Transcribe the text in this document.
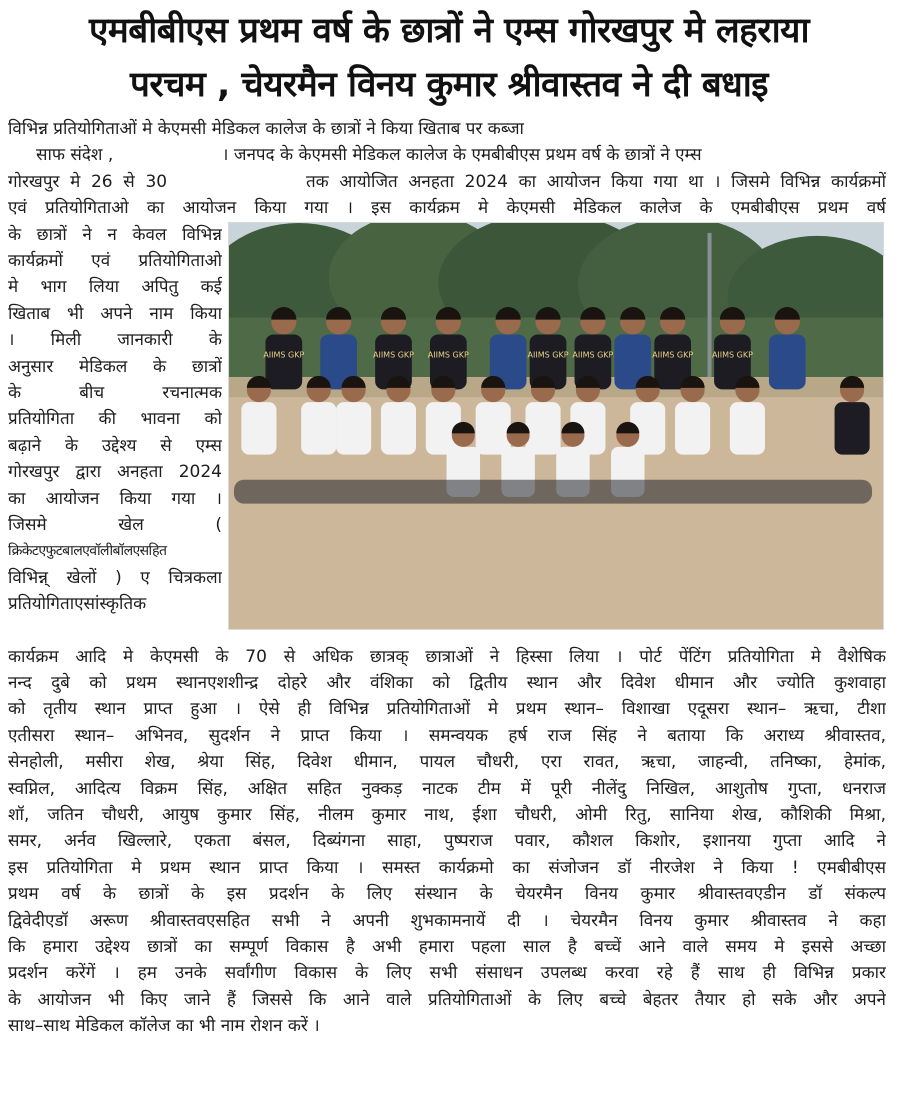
एमबीबीएस प्रथम वर्ष के छात्रों ने एम्स गोरखपुर मे लहराया
परचम , चेयरमैन विनय कुमार श्रीवास्तव ने दी बधाइ
विभिन्न प्रतियोगिताओं मे केएमसी मेडिकल कालेज के छात्रों ने किया खिताब पर कब्जा
साफ संदेश ,	। जनपद के केएमसी मेडिकल कालेज के एमबीबीएस प्रथम वर्ष के छात्रों ने एम्स
गोरखपुर मे 26 से 30             तक आयोजित अनहता 2024 का आयोजन किया गया था । जिसमे विभिन्न कार्यक्रमों
एवं प्रतियोगिताओ का आयोजन किया गया । इस कार्यक्रम मे केएमसी मेडिकल कालेज के एमबीबीएस प्रथम वर्ष
के छात्रों ने न केवल विभिन्न
कार्यक्रमों एवं प्रतियोगिताओ
मे भाग लिया अपितु कई
खिताब भी अपने नाम किया
। मिली जानकारी के
अनुसार मेडिकल के छात्रों
के बीच रचनात्मक
प्रतियोगिता की भावना को
बढ़ाने के उद्देश्य से एम्स
गोरखपुर द्वारा अनहता 2024
का आयोजन किया गया ।
जिसमे खेल (
क्रिकेटएफुटबालएवॉलीबॉलएसहित
विभिन्न् खेलों ) ए चित्रकला
प्रतियोगिताएसांस्कृतिक
AIIMS GKP	AIIMS GKP AIIMS GKP	AIIMS GKP AIIMS GKP	AIIMS GKP AIIMS GKP
कार्यक्रम आदि मे केएमसी के 70 से अधिक छात्रक् छात्राओं ने हिस्सा लिया । पोर्ट पेंटिंग प्रतियोगिता मे वैशेषिक
नन्द दुबे को प्रथम स्थानएशशीन्द्र दोहरे और वंशिका को द्वितीय स्थान और दिवेश धीमान और ज्योति कुशवाहा
को तृतीय स्थान प्राप्त हुआ । ऐसे ही विभिन्न प्रतियोगिताओं मे प्रथम स्थान– विशाखा एदूसरा स्थान– ऋचा, टीशा
एतीसरा स्थान– अभिनव, सुदर्शन ने प्राप्त किया । समन्वयक हर्ष राज सिंह ने बताया कि अराध्य श्रीवास्तव,
सेनहोली, मसीरा शेख, श्रेया सिंह, दिवेश धीमान, पायल चौधरी, एरा रावत, ऋचा, जाहन्वी, तनिष्का, हेमांक,
स्वप्निल, आदित्य विक्रम सिंह, अक्षित सहित नुक्कड़ नाटक टीम में पूरी नीलेंदु निखिल, आशुतोष गुप्ता, धनराज
शॉ, जतिन चौधरी, आयुष कुमार सिंह, नीलम कुमार नाथ, ईशा चौधरी, ओमी रितु, सानिया शेख, कौशिकी मिश्रा,
समर, अर्नव खिल्लारे, एकता बंसल, दिब्यंगना साहा, पुष्पराज पवार, कौशल किशोर, इशानया गुप्ता आदि ने
इस प्रतियोगिता मे प्रथम स्थान प्राप्त किया । समस्त कार्यक्रमो का संजोजन डॉ नीरजेश ने किया ! एमबीबीएस
प्रथम वर्ष के छात्रों के इस प्रदर्शन के लिए संस्थान के चेयरमैन विनय कुमार श्रीवास्तवएडीन डॉ संकल्प
द्विवेदीएडॉ अरूण श्रीवास्तवएसहित सभी ने अपनी शुभकामनायें दी । चेयरमैन विनय कुमार श्रीवास्तव ने कहा
कि हमारा उद्देश्य छात्रों का सम्पूर्ण विकास है अभी हमारा पहला साल है बच्चें आने वाले समय मे इससे अच्छा
प्रदर्शन करेंगें । हम उनके सर्वांगीण विकास के लिए सभी संसाधन उपलब्ध करवा रहे हैं साथ ही विभिन्न प्रकार
के आयोजन भी किए जाने हैं जिससे कि आने वाले प्रतियोगिताओं के लिए बच्चे बेहतर तैयार हो सके और अपने
साथ–साथ मेडिकल कॉलेज का भी नाम रोशन करें ।
